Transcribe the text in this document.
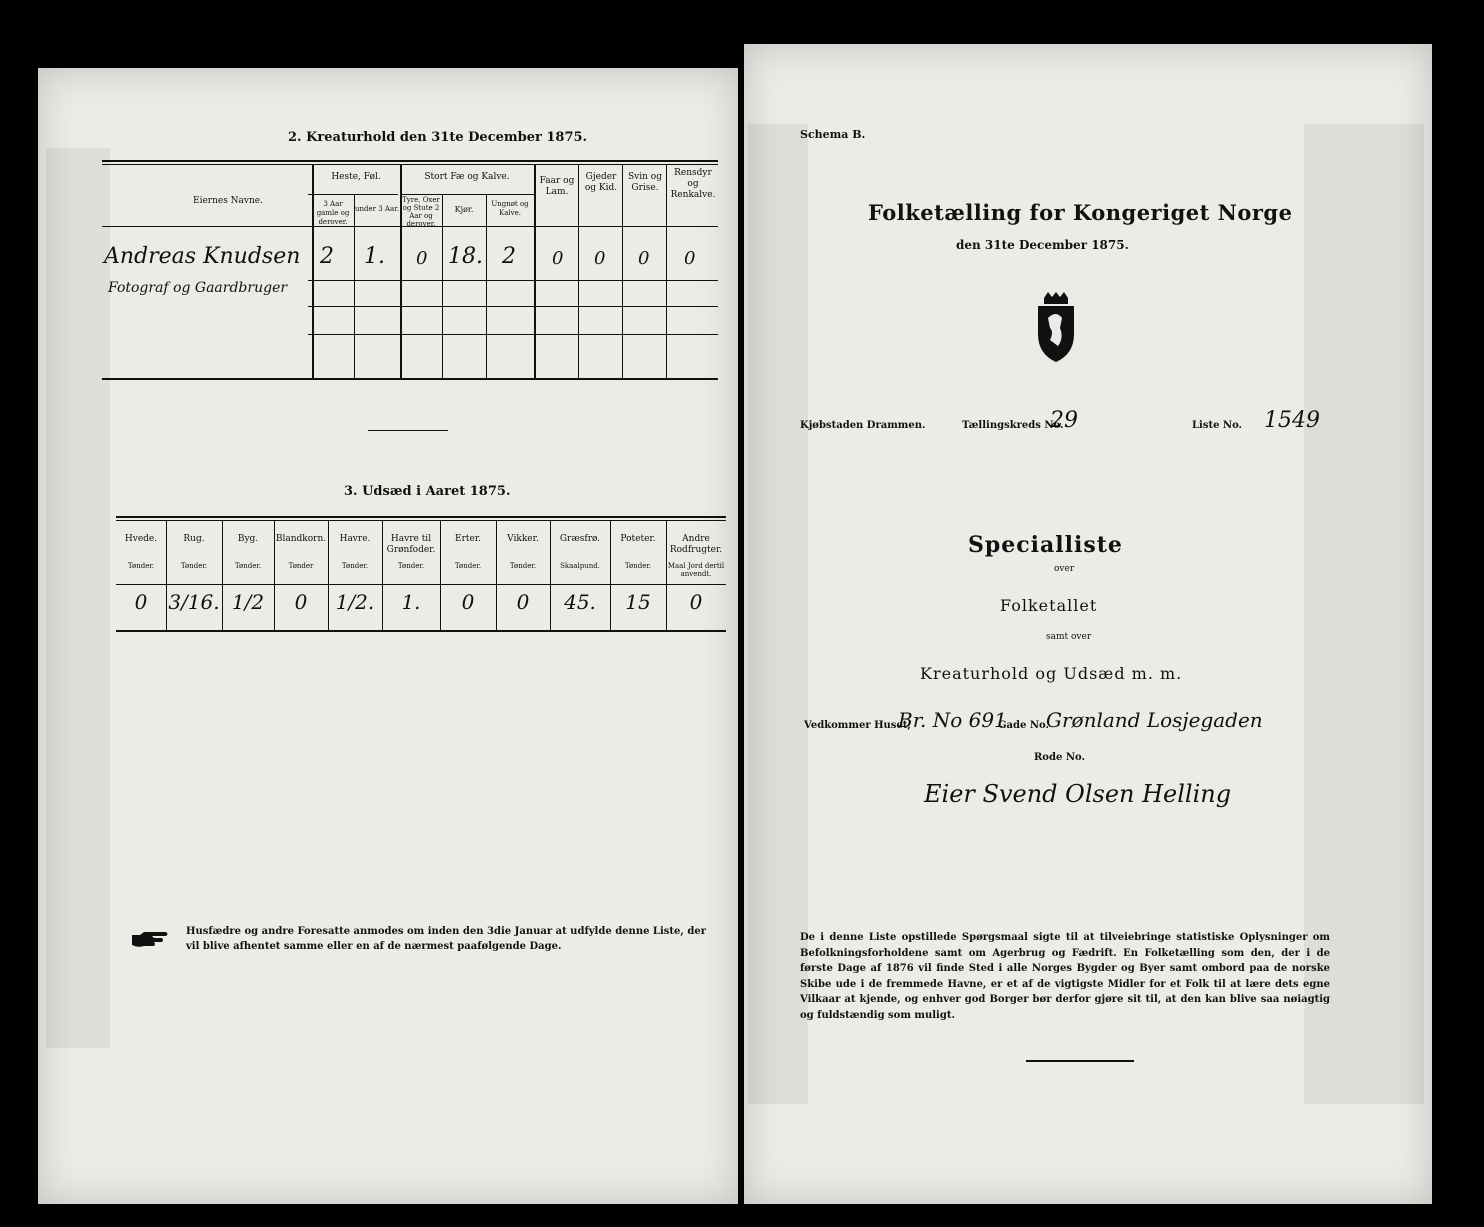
2. Kreaturhold den 31te December 1875.
Eiernes Navne.
Heste, Føl.
3 Aar gamle og derover.
under 3 Aar.
Stort Fæ og Kalve.
Tyre, Oxer og Stute 2 Aar og derover.
Kjør.
Ungnøt og Kalve.
Faar og Lam.
Gjeder og Kid.
Svin og Grise.
Rensdyr og Renkalve.
Andreas Knudsen
Fotograf og Gaardbruger
2 1. 0 18. 2 0 0 0 0
3. Udsæd i Aaret 1875.
Hvede.
Tønder.
0
Rug.
Tønder.
3/16.
Byg.
Tønder.
1/2
Blandkorn.
Tønder
0
Havre.
Tønder.
1/2.
Havre til Grønfoder.
Tønder.
1.
Erter.
Tønder.
0
Vikker.
Tønder.
0
Græsfrø.
Skaalpund.
45.
Poteter.
Tønder.
15
Andre Rodfrugter.
Maal Jord dertil anvendt.
0
Husfædre og andre Foresatte anmodes om inden den 3die Januar at udfylde denne Liste, der vil blive afhentet samme eller en af de nærmest paafølgende Dage.
Schema B.
Folketælling for Kongeriget Norge
den 31te December 1875.
Kjøbstaden Drammen.	Tællingskreds No.
29	Liste No. 1549
Specialliste
over
Folketallet
samt over
Kreaturhold og Udsæd m. m.
Vedkommer Huset,
Br. No 691
Gade No.
Grønland Losjegaden
Rode No.
Eier Svend Olsen Helling
De i denne Liste opstillede Spørgsmaal sigte til at tilveiebringe statistiske Oplysninger om Befolkningsforholdene samt om Agerbrug og Fædrift. En Folketælling som den, der i de første Dage af 1876 vil finde Sted i alle Norges Bygder og Byer samt ombord paa de norske Skibe ude i de fremmede Havne, er et af de vigtigste Midler for et Folk til at lære dets egne Vilkaar at kjende, og enhver god Borger bør derfor gjøre sit til, at den kan blive saa nøiagtig og fuldstændig som muligt.
